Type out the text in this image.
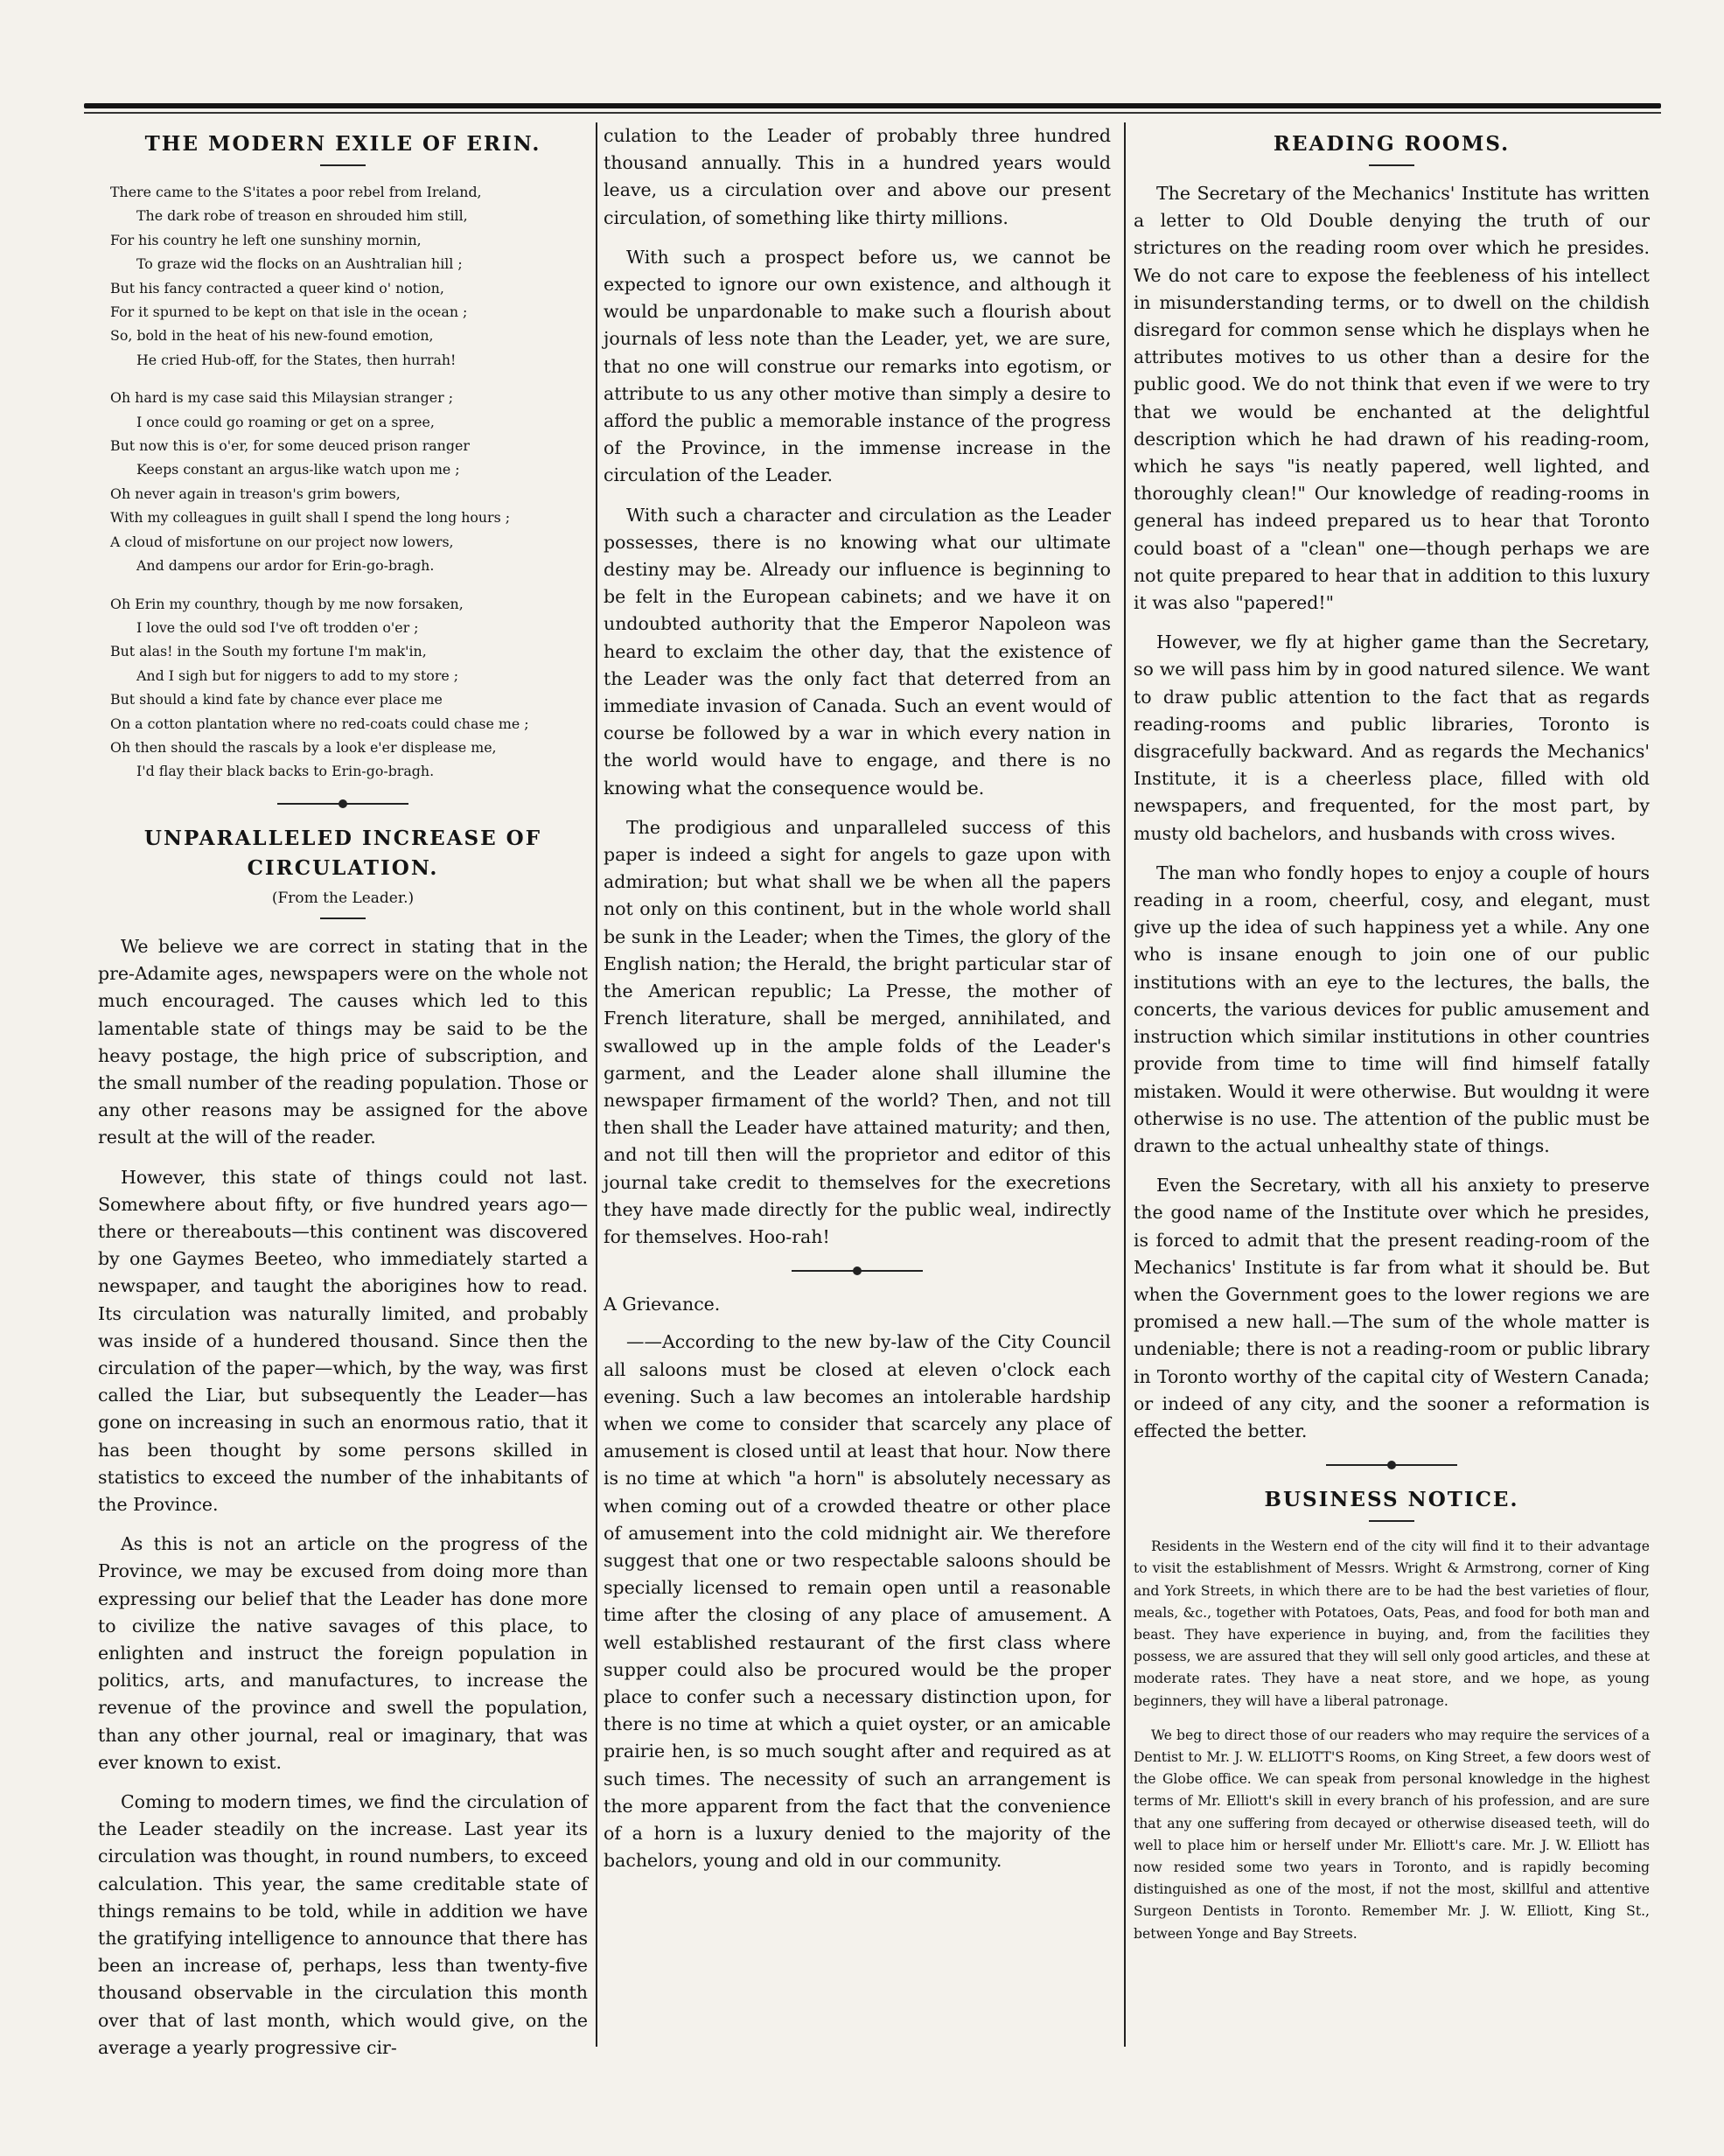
THE MODERN EXILE OF ERIN.

There came to the S'itates a poor rebel from Ireland,

The dark robe of treason en shrouded him still,

For his country he left one sunshiny mornin,

To graze wid the flocks on an Aushtralian hill ;

But his fancy contracted a queer kind o' notion,

For it spurned to be kept on that isle in the ocean ;

So, bold in the heat of his new-found emotion,

He cried Hub-off, for the States, then hurrah!

Oh hard is my case said this Milaysian stranger ;

I once could go roaming or get on a spree,

But now this is o'er, for some deuced prison ranger

Keeps constant an argus-like watch upon me ;

Oh never again in treason's grim bowers,

With my colleagues in guilt shall I spend the long hours ;

A cloud of misfortune on our project now lowers,

And dampens our ardor for Erin-go-bragh.

Oh Erin my counthry, though by me now forsaken,

I love the ould sod I've oft trodden o'er ;

But alas! in the South my fortune I'm mak'in,

And I sigh but for niggers to add to my store ;

But should a kind fate by chance ever place me

On a cotton plantation where no red-coats could chase me ;

Oh then should the rascals by a look e'er displease me,

I'd flay their black backs to Erin-go-bragh.

UNPARALLELED INCREASE OF CIRCULATION.
(From the Leader.)

We believe we are correct in stating that in the pre-Adamite ages, newspapers were on the whole not much encouraged. The causes which led to this lamentable state of things may be said to be the heavy postage, the high price of subscription, and the small number of the reading population. Those or any other reasons may be assigned for the above result at the will of the reader.

However, this state of things could not last. Somewhere about fifty, or five hundred years ago—there or thereabouts—this continent was discovered by one Gaymes Beeteo, who immediately started a newspaper, and taught the aborigines how to read. Its circulation was naturally limited, and probably was inside of a hundered thousand. Since then the circulation of the paper—which, by the way, was first called the Liar, but subsequently the Leader—has gone on increasing in such an enormous ratio, that it has been thought by some persons skilled in statistics to exceed the number of the inhabitants of the Province.

As this is not an article on the progress of the Province, we may be excused from doing more than expressing our belief that the Leader has done more to civilize the native savages of this place, to enlighten and instruct the foreign population in politics, arts, and manufactures, to increase the revenue of the province and swell the population, than any other journal, real or imaginary, that was ever known to exist.

Coming to modern times, we find the circulation of the Leader steadily on the increase. Last year its circulation was thought, in round numbers, to exceed calculation. This year, the same creditable state of things remains to be told, while in addition we have the gratifying intelligence to announce that there has been an increase of, perhaps, less than twenty-five thousand observable in the circulation this month over that of last month, which would give, on the average a yearly progressive cir-

culation to the Leader of probably three hundred thousand annually. This in a hundred years would leave, us a circulation over and above our present circulation, of something like thirty millions.

With such a prospect before us, we cannot be expected to ignore our own existence, and although it would be unpardonable to make such a flourish about journals of less note than the Leader, yet, we are sure, that no one will construe our remarks into egotism, or attribute to us any other motive than simply a desire to afford the public a memorable instance of the progress of the Province, in the immense increase in the circulation of the Leader.

With such a character and circulation as the Leader possesses, there is no knowing what our ultimate destiny may be. Already our influence is beginning to be felt in the European cabinets; and we have it on undoubted authority that the Emperor Napoleon was heard to exclaim the other day, that the existence of the Leader was the only fact that deterred from an immediate invasion of Canada. Such an event would of course be followed by a war in which every nation in the world would have to engage, and there is no knowing what the consequence would be.

The prodigious and unparalleled success of this paper is indeed a sight for angels to gaze upon with admiration; but what shall we be when all the papers not only on this continent, but in the whole world shall be sunk in the Leader; when the Times, the glory of the English nation; the Herald, the bright particular star of the American republic; La Presse, the mother of French literature, shall be merged, annihilated, and swallowed up in the ample folds of the Leader's garment, and the Leader alone shall illumine the newspaper firmament of the world? Then, and not till then shall the Leader have attained maturity; and then, and not till then will the proprietor and editor of this journal take credit to themselves for the execretions they have made directly for the public weal, indirectly for themselves. Hoo-rah!

A Grievance.

——According to the new by-law of the City Council all saloons must be closed at eleven o'clock each evening. Such a law becomes an intolerable hardship when we come to consider that scarcely any place of amusement is closed until at least that hour. Now there is no time at which "a horn" is absolutely necessary as when coming out of a crowded theatre or other place of amusement into the cold midnight air. We therefore suggest that one or two respectable saloons should be specially licensed to remain open until a reasonable time after the closing of any place of amusement. A well established restaurant of the first class where supper could also be procured would be the proper place to confer such a necessary distinction upon, for there is no time at which a quiet oyster, or an amicable prairie hen, is so much sought after and required as at such times. The necessity of such an arrangement is the more apparent from the fact that the convenience of a horn is a luxury denied to the majority of the bachelors, young and old in our community.

READING ROOMS.

The Secretary of the Mechanics' Institute has written a letter to Old Double denying the truth of our strictures on the reading room over which he presides. We do not care to expose the feebleness of his intellect in misunderstanding terms, or to dwell on the childish disregard for common sense which he displays when he attributes motives to us other than a desire for the public good. We do not think that even if we were to try that we would be enchanted at the delightful description which he had drawn of his reading-room, which he says "is neatly papered, well lighted, and thoroughly clean!" Our knowledge of reading-rooms in general has indeed prepared us to hear that Toronto could boast of a "clean" one—though perhaps we are not quite prepared to hear that in addition to this luxury it was also "papered!"

However, we fly at higher game than the Secretary, so we will pass him by in good natured silence. We want to draw public attention to the fact that as regards reading-rooms and public libraries, Toronto is disgracefully backward. And as regards the Mechanics' Institute, it is a cheerless place, filled with old newspapers, and frequented, for the most part, by musty old bachelors, and husbands with cross wives.

The man who fondly hopes to enjoy a couple of hours reading in a room, cheerful, cosy, and elegant, must give up the idea of such happiness yet a while. Any one who is insane enough to join one of our public institutions with an eye to the lectures, the balls, the concerts, the various devices for public amusement and instruction which similar institutions in other countries provide from time to time will find himself fatally mistaken. Would it were otherwise. But wouldng it were otherwise is no use. The attention of the public must be drawn to the actual unhealthy state of things.

Even the Secretary, with all his anxiety to preserve the good name of the Institute over which he presides, is forced to admit that the present reading-room of the Mechanics' Institute is far from what it should be. But when the Government goes to the lower regions we are promised a new hall.—The sum of the whole matter is undeniable; there is not a reading-room or public library in Toronto worthy of the capital city of Western Canada; or indeed of any city, and the sooner a reformation is effected the better.

BUSINESS NOTICE.

Residents in the Western end of the city will find it to their advantage to visit the establishment of Messrs. Wright & Armstrong, corner of King and York Streets, in which there are to be had the best varieties of flour, meals, &c., together with Potatoes, Oats, Peas, and food for both man and beast. They have experience in buying, and, from the facilities they possess, we are assured that they will sell only good articles, and these at moderate rates. They have a neat store, and we hope, as young beginners, they will have a liberal patronage.

We beg to direct those of our readers who may require the services of a Dentist to Mr. J. W. ELLIOTT'S Rooms, on King Street, a few doors west of the Globe office. We can speak from personal knowledge in the highest terms of Mr. Elliott's skill in every branch of his profession, and are sure that any one suffering from decayed or otherwise diseased teeth, will do well to place him or herself under Mr. Elliott's care. Mr. J. W. Elliott has now resided some two years in Toronto, and is rapidly becoming distinguished as one of the most, if not the most, skillful and attentive Surgeon Dentists in Toronto. Remember Mr. J. W. Elliott, King St., between Yonge and Bay Streets.
